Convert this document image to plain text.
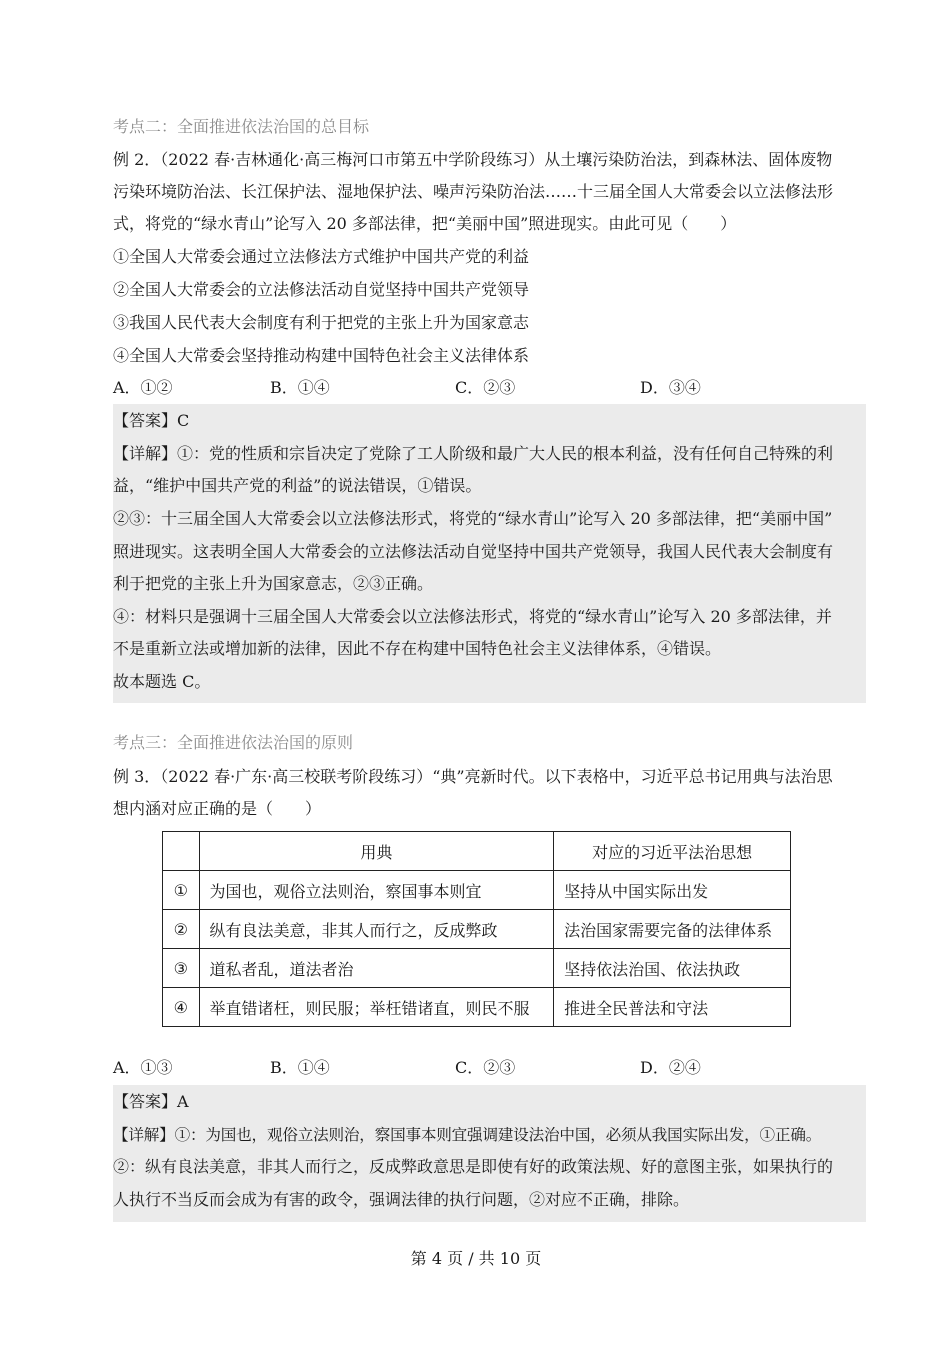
考点二：全面推进依法治国的总目标
例 2．（2022 春·吉林通化·高三梅河口市第五中学阶段练习）从土壤污染防治法，到森林法、固体废物
污染环境防治法、长江保护法、湿地保护法、噪声污染防治法……十三届全国人大常委会以立法修法形
式，将党的“绿水青山”论写入 20 多部法律，把“美丽中国”照进现实。由此可见（　　）
①全国人大常委会通过立法修法方式维护中国共产党的利益
②全国人大常委会的立法修法活动自觉坚持中国共产党领导
③我国人民代表大会制度有利于把党的主张上升为国家意志
④全国人大常委会坚持推动构建中国特色社会主义法律体系
A．①②	B．①④	C．②③	D．③④
【答案】C
【详解】①：党的性质和宗旨决定了党除了工人阶级和最广大人民的根本利益，没有任何自己特殊的利
益，“维护中国共产党的利益”的说法错误，①错误。
②③：十三届全国人大常委会以立法修法形式，将党的“绿水青山”论写入 20 多部法律，把“美丽中国”
照进现实。这表明全国人大常委会的立法修法活动自觉坚持中国共产党领导，我国人民代表大会制度有
利于把党的主张上升为国家意志，②③正确。
④：材料只是强调十三届全国人大常委会以立法修法形式，将党的“绿水青山”论写入 20 多部法律，并
不是重新立法或增加新的法律，因此不存在构建中国特色社会主义法律体系，④错误。
故本题选 C。
考点三：全面推进依法治国的原则
例 3．（2022 春·广东·高三校联考阶段练习）“典”亮新时代。以下表格中，习近平总书记用典与法治思
想内涵对应正确的是（　　）
	用典	对应的习近平法治思想
①	为国也，观俗立法则治，察国事本则宜	坚持从中国实际出发
②	纵有良法美意，非其人而行之，反成弊政	法治国家需要完备的法律体系
③	道私者乱，道法者治	坚持依法治国、依法执政
④	举直错诸枉，则民服；举枉错诸直，则民不服	推进全民普法和守法
A．①③	B．①④	C．②③	D．②④
【答案】A
【详解】①：为国也，观俗立法则治，察国事本则宜强调建设法治中国，必须从我国实际出发，①正确。
②：纵有良法美意，非其人而行之，反成弊政意思是即使有好的政策法规、好的意图主张，如果执行的
人执行不当反而会成为有害的政令，强调法律的执行问题，②对应不正确，排除。
第 4 页 / 共 10 页
